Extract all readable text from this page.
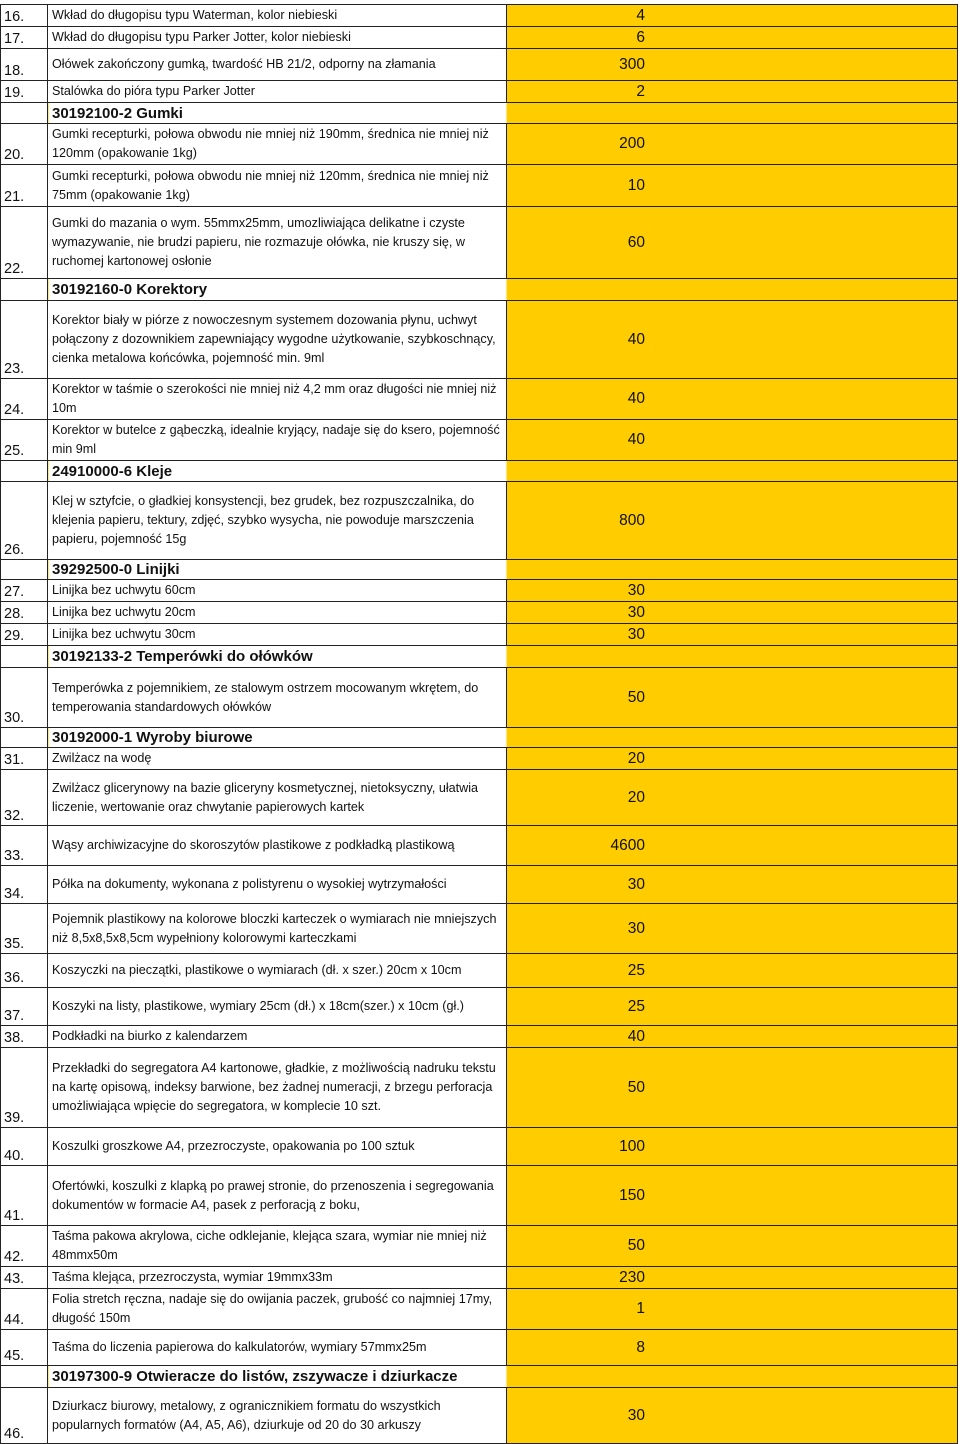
16.	Wkład do długopisu typu Waterman, kolor niebieski	4
17.	Wkład do długopisu typu Parker Jotter, kolor niebieski	6
18.	Ołówek zakończony gumką, twardość HB 21/2, odporny na złamania	300
19.	Stalówka do pióra typu Parker Jotter	2
	30192100-2 Gumki	
20.	Gumki recepturki, połowa obwodu nie mniej niż 190mm, średnica nie mniej niż 120mm (opakowanie 1kg)	200
21.	Gumki recepturki, połowa obwodu nie mniej niż 120mm, średnica nie mniej niż 75mm (opakowanie 1kg)	10
22.	Gumki do mazania o wym. 55mmx25mm, umozliwiająca delikatne i czyste wymazywanie, nie brudzi papieru, nie rozmazuje ołówka, nie kruszy się, w ruchomej kartonowej osłonie	60
	30192160-0 Korektory	
23.	Korektor biały w piórze z nowoczesnym systemem dozowania płynu, uchwyt połączony z dozownikiem zapewniający wygodne użytkowanie, szybkoschnący, cienka metalowa końcówka, pojemność min. 9ml	40
24.	Korektor w taśmie o szerokości nie mniej niż 4,2 mm oraz długości nie mniej niż 10m	40
25.	Korektor w butelce z gąbeczką, idealnie kryjący, nadaje się do ksero, pojemność min 9ml	40
	24910000-6 Kleje	
26.	Klej w sztyfcie, o gładkiej konsystencji, bez grudek, bez rozpuszczalnika, do klejenia papieru, tektury, zdjęć, szybko wysycha, nie powoduje marszczenia papieru, pojemność 15g	800
	39292500-0 Linijki	
27.	Linijka bez uchwytu 60cm	30
28.	Linijka bez uchwytu 20cm	30
29.	Linijka bez uchwytu 30cm	30
	30192133-2 Temperówki do ołówków	
30.	Temperówka z pojemnikiem, ze stalowym ostrzem mocowanym wkrętem, do temperowania standardowych ołówków	50
	30192000-1 Wyroby biurowe	
31.	Zwilżacz na wodę	20
32.	Zwilżacz glicerynowy na bazie gliceryny kosmetycznej, nietoksyczny, ułatwia liczenie, wertowanie oraz chwytanie papierowych kartek	20
33.	Wąsy archiwizacyjne do skoroszytów plastikowe z podkładką plastikową	4600
34.	Półka na dokumenty, wykonana z polistyrenu o wysokiej wytrzymałości	30
35.	Pojemnik plastikowy na kolorowe bloczki karteczek o wymiarach nie mniejszych niż 8,5x8,5x8,5cm wypełniony kolorowymi karteczkami	30
36.	Koszyczki na pieczątki, plastikowe o wymiarach (dł. x szer.) 20cm x 10cm	25
37.	Koszyki na listy, plastikowe, wymiary 25cm (dł.) x 18cm(szer.) x 10cm (gł.)	25
38.	Podkładki na biurko z kalendarzem	40
39.	Przekładki do segregatora A4 kartonowe, gładkie, z możliwością nadruku tekstu na kartę opisową, indeksy barwione, bez żadnej numeracji, z brzegu perforacja umożliwiająca wpięcie do segregatora, w komplecie 10 szt.	50
40.	Koszulki groszkowe A4, przezroczyste, opakowania po 100 sztuk	100
41.	Ofertówki, koszulki z klapką po prawej stronie, do przenoszenia i segregowania dokumentów w formacie A4, pasek z perforacją z boku,	150
42.	Taśma pakowa akrylowa, ciche odklejanie, klejąca szara, wymiar nie mniej niż 48mmx50m	50
43.	Taśma klejąca, przezroczysta, wymiar 19mmx33m	230
44.	Folia stretch ręczna, nadaje się do owijania paczek, grubość co najmniej 17my, długość 150m	1
45.	Taśma do liczenia papierowa do kalkulatorów, wymiary 57mmx25m	8
	30197300-9 Otwieracze do listów, zszywacze i dziurkacze	
46.	Dziurkacz biurowy, metalowy, z ogranicznikiem formatu do wszystkich popularnych formatów (A4, A5, A6), dziurkuje od 20 do 30 arkuszy	30
